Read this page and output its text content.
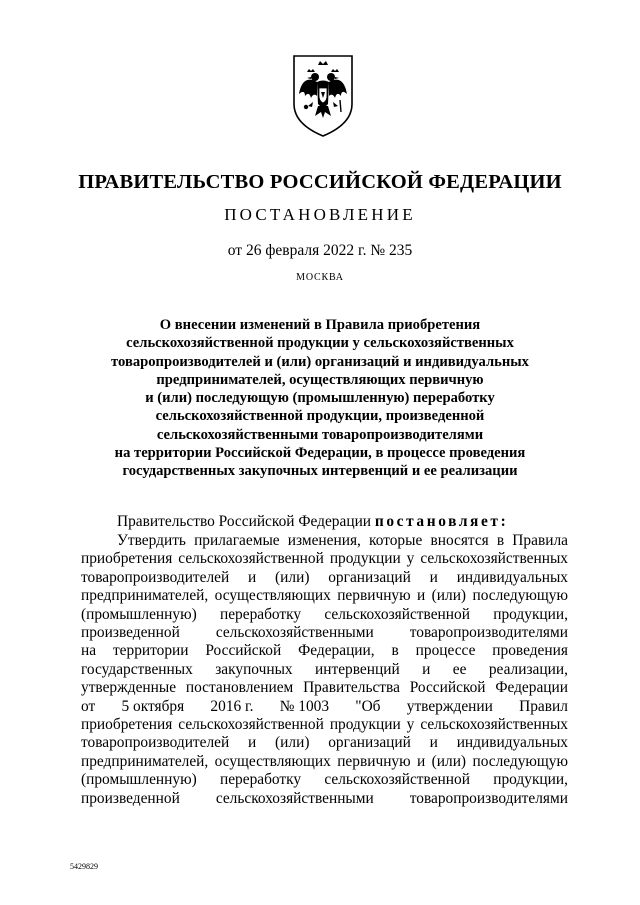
ПРАВИТЕЛЬСТВО РОССИЙСКОЙ ФЕДЕРАЦИИ
ПОСТАНОВЛЕНИЕ
от 26 февраля 2022 г. № 235
МОСКВА
О внесении изменений в Правила приобретения
сельскохозяйственной продукции у сельскохозяйственных
товаропроизводителей и (или) организаций и индивидуальных
предпринимателей, осуществляющих первичную
и (или) последующую (промышленную) переработку
сельскохозяйственной продукции, произведенной
сельскохозяйственными товаропроизводителями
на территории Российской Федерации, в процессе проведения
государственных закупочных интервенций и ее реализации
Правительство Российской Федерации постановляет:
Утвердить прилагаемые изменения, которые вносятся в Правила
приобретения сельскохозяйственной продукции у сельскохозяйственных
товаропроизводителей и (или) организаций и индивидуальных
предпринимателей, осуществляющих первичную и (или) последующую
(промышленную) переработку сельскохозяйственной продукции,
произведенной сельскохозяйственными товаропроизводителями
на территории Российской Федерации, в процессе проведения
государственных закупочных интервенций и ее реализации,
утвержденные постановлением Правительства Российской Федерации
от 5 октября 2016 г. № 1003 "Об утверждении Правил
приобретения сельскохозяйственной продукции у сельскохозяйственных
товаропроизводителей и (или) организаций и индивидуальных
предпринимателей, осуществляющих первичную и (или) последующую
(промышленную) переработку сельскохозяйственной продукции,
произведенной сельскохозяйственными товаропроизводителями
5429829
